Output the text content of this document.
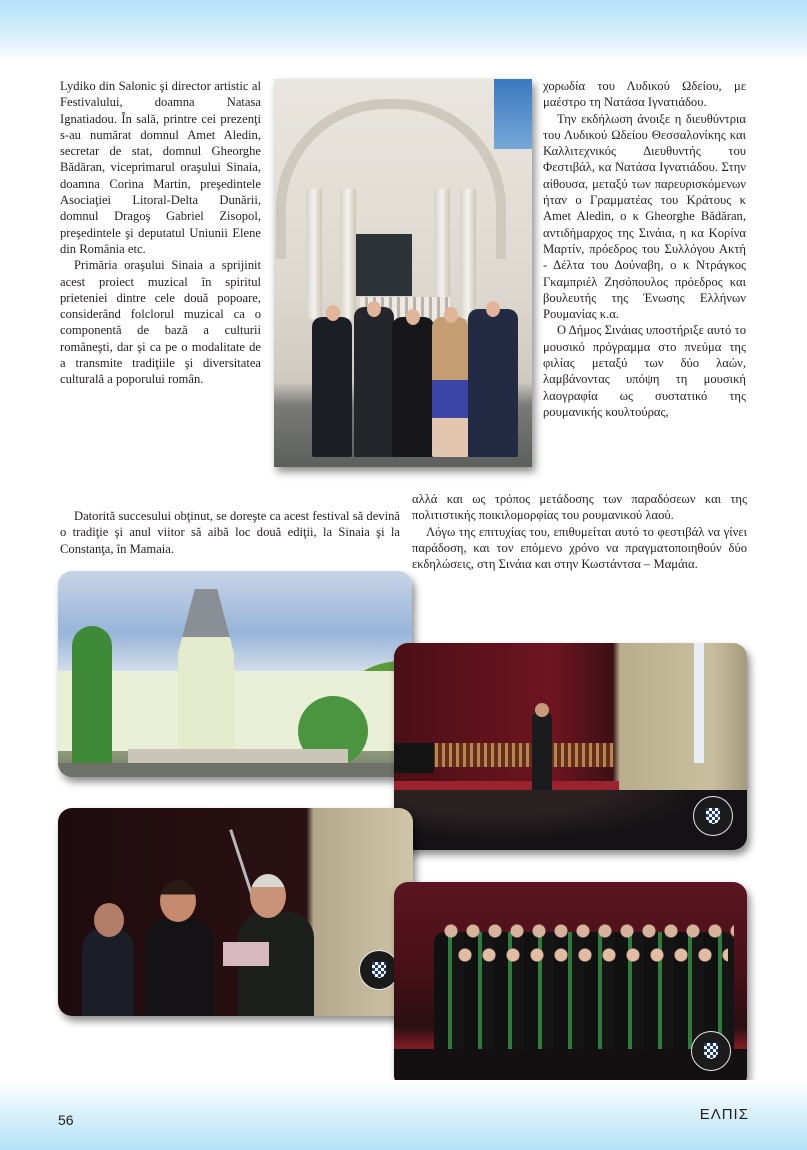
Lydiko din Salonic şi director artistic al Festivalului, doamna Natasa Ignatiadou. În sală, printre cei prezenţi s-au numărat domnul Amet Aledin, secretar de stat, domnul Gheorghe Bădăran, viceprimarul oraşului Sinaia, doamna Corina Martin, preşedintele Asociaţiei Litoral-Delta Dunării, domnul Dragoş Gabriel Zisopol, preşedintele şi deputatul Uniunii Elene din România etc.

Primăria oraşului Sinaia a sprijinit acest proiect muzical în spiritul prieteniei dintre cele două popoare, considerând folclorul muzical ca o componentă de bază a culturii româneşti, dar şi ca pe o modalitate de a transmite tradiţiile şi diversitatea culturală a poporului român.

Datorită succesului obţinut, se doreşte ca acest festival să devină o tradiţie şi anul viitor să aibă loc două ediţii, la Sinaia şi la Constanţa, în Mamaia.

χορωδία του Λυδικού Ωδείου, με μαέστρο τη Νατάσα Ιγνατιάδου.

Την εκδήλωση άνοιξε η διευθύντρια του Λυδικού Ωδείου Θεσσαλονίκης και Καλλιτεχνικός Διευθυντής του Φεστιβάλ, κα Νατάσα Ιγνατιάδου. Στην αίθουσα, μεταξύ των παρευρισκόμενων ήταν ο Γραμματέας του Κράτους κ Amet Aledin, o κ Gheorghe Bădăran, αντιδήμαρχος της Σινάια, η κα Κορίνα Μαρτίν, πρόεδρος του Συλλόγου Ακτή - Δέλτα του Δούναβη, ο κ Ντράγκος Γκαμπριέλ Ζησόπουλος πρόεδρος και βουλευτής της Ένωσης Ελλήνων Ρουμανίας κ.α.

Ο Δήμος Σινάιας υποστήριξε αυτό το μουσικό πρόγραμμα στο πνεύμα της φιλίας μεταξύ των δύο λαών, λαμβάνοντας υπόψη τη μουσική λαογραφία ως συστατικό της ρουμανικής κουλτούρας,

αλλά και ως τρόπος μετάδοσης των παραδόσεων και της πολιτιστικής ποικιλομορφίας του ρουμανικού λαού.

Λόγω της επιτυχίας του, επιθυμείται αυτό το φεστιβάλ να γίνει παράδοση, και τον επόμενο χρόνο να πραγματοποιηθούν δύο εκδηλώσεις, στη Σινάια και στην Κωστάντσα – Μαμάια.

56	ΕΛΠΙΣ
